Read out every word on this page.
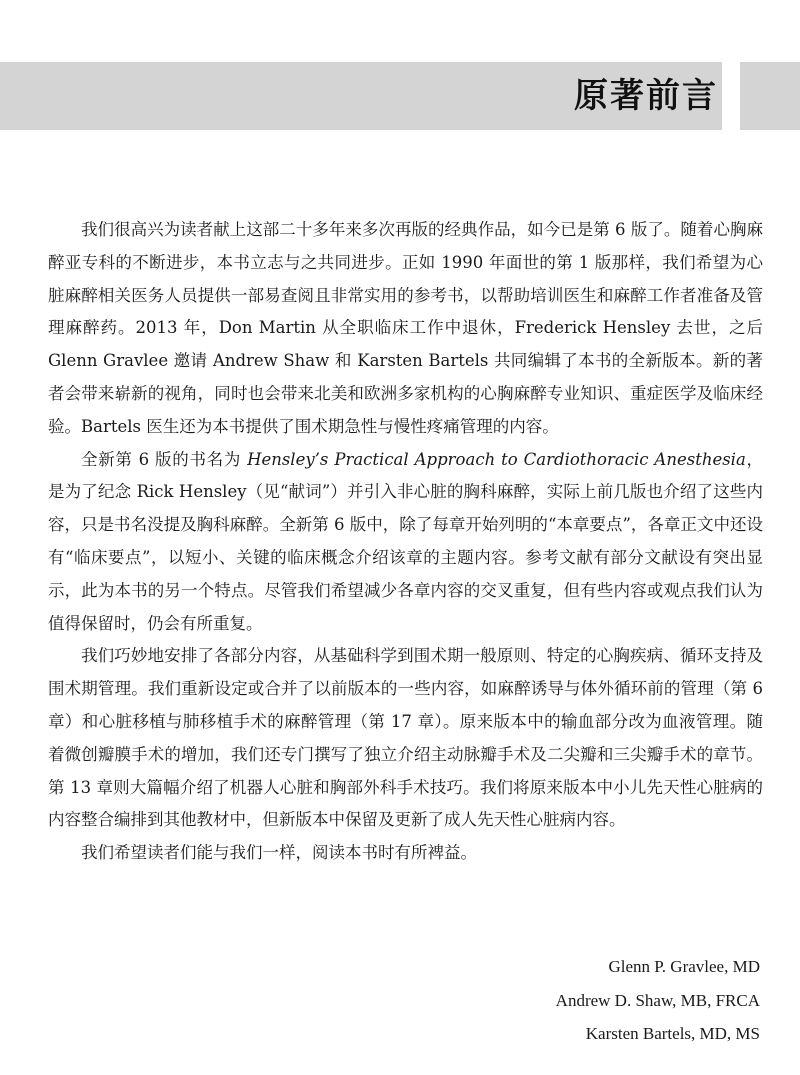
原著前言

我们很高兴为读者献上这部二十多年来多次再版的经典作品，如今已是第 6 版了。随着心胸麻醉亚专科的不断进步，本书立志与之共同进步。正如 1990 年面世的第 1 版那样，我们希望为心脏麻醉相关医务人员提供一部易查阅且非常实用的参考书，以帮助培训医生和麻醉工作者准备及管理麻醉药。2013 年，Don Martin 从全职临床工作中退休，Frederick Hensley 去世，之后 Glenn Gravlee 邀请 Andrew Shaw 和 Karsten Bartels 共同编辑了本书的全新版本。新的著者会带来崭新的视角，同时也会带来北美和欧洲多家机构的心胸麻醉专业知识、重症医学及临床经验。Bartels 医生还为本书提供了围术期急性与慢性疼痛管理的内容。

全新第 6 版的书名为 Hensley’s Practical Approach to Cardiothoracic Anesthesia，是为了纪念 Rick Hensley（见“献词”）并引入非心脏的胸科麻醉，实际上前几版也介绍了这些内容，只是书名没提及胸科麻醉。全新第 6 版中，除了每章开始列明的“本章要点”，各章正文中还设有“临床要点”，以短小、关键的临床概念介绍该章的主题内容。参考文献有部分文献设有突出显示，此为本书的另一个特点。尽管我们希望减少各章内容的交叉重复，但有些内容或观点我们认为值得保留时，仍会有所重复。

我们巧妙地安排了各部分内容，从基础科学到围术期一般原则、特定的心胸疾病、循环支持及围术期管理。我们重新设定或合并了以前版本的一些内容，如麻醉诱导与体外循环前的管理（第 6 章）和心脏移植与肺移植手术的麻醉管理（第 17 章）。原来版本中的输血部分改为血液管理。随着微创瓣膜手术的增加，我们还专门撰写了独立介绍主动脉瓣手术及二尖瓣和三尖瓣手术的章节。第 13 章则大篇幅介绍了机器人心脏和胸部外科手术技巧。我们将原来版本中小儿先天性心脏病的内容整合编排到其他教材中，但新版本中保留及更新了成人先天性心脏病内容。

我们希望读者们能与我们一样，阅读本书时有所裨益。

Glenn P. Gravlee, MD
Andrew D. Shaw, MB, FRCA
Karsten Bartels, MD, MS
